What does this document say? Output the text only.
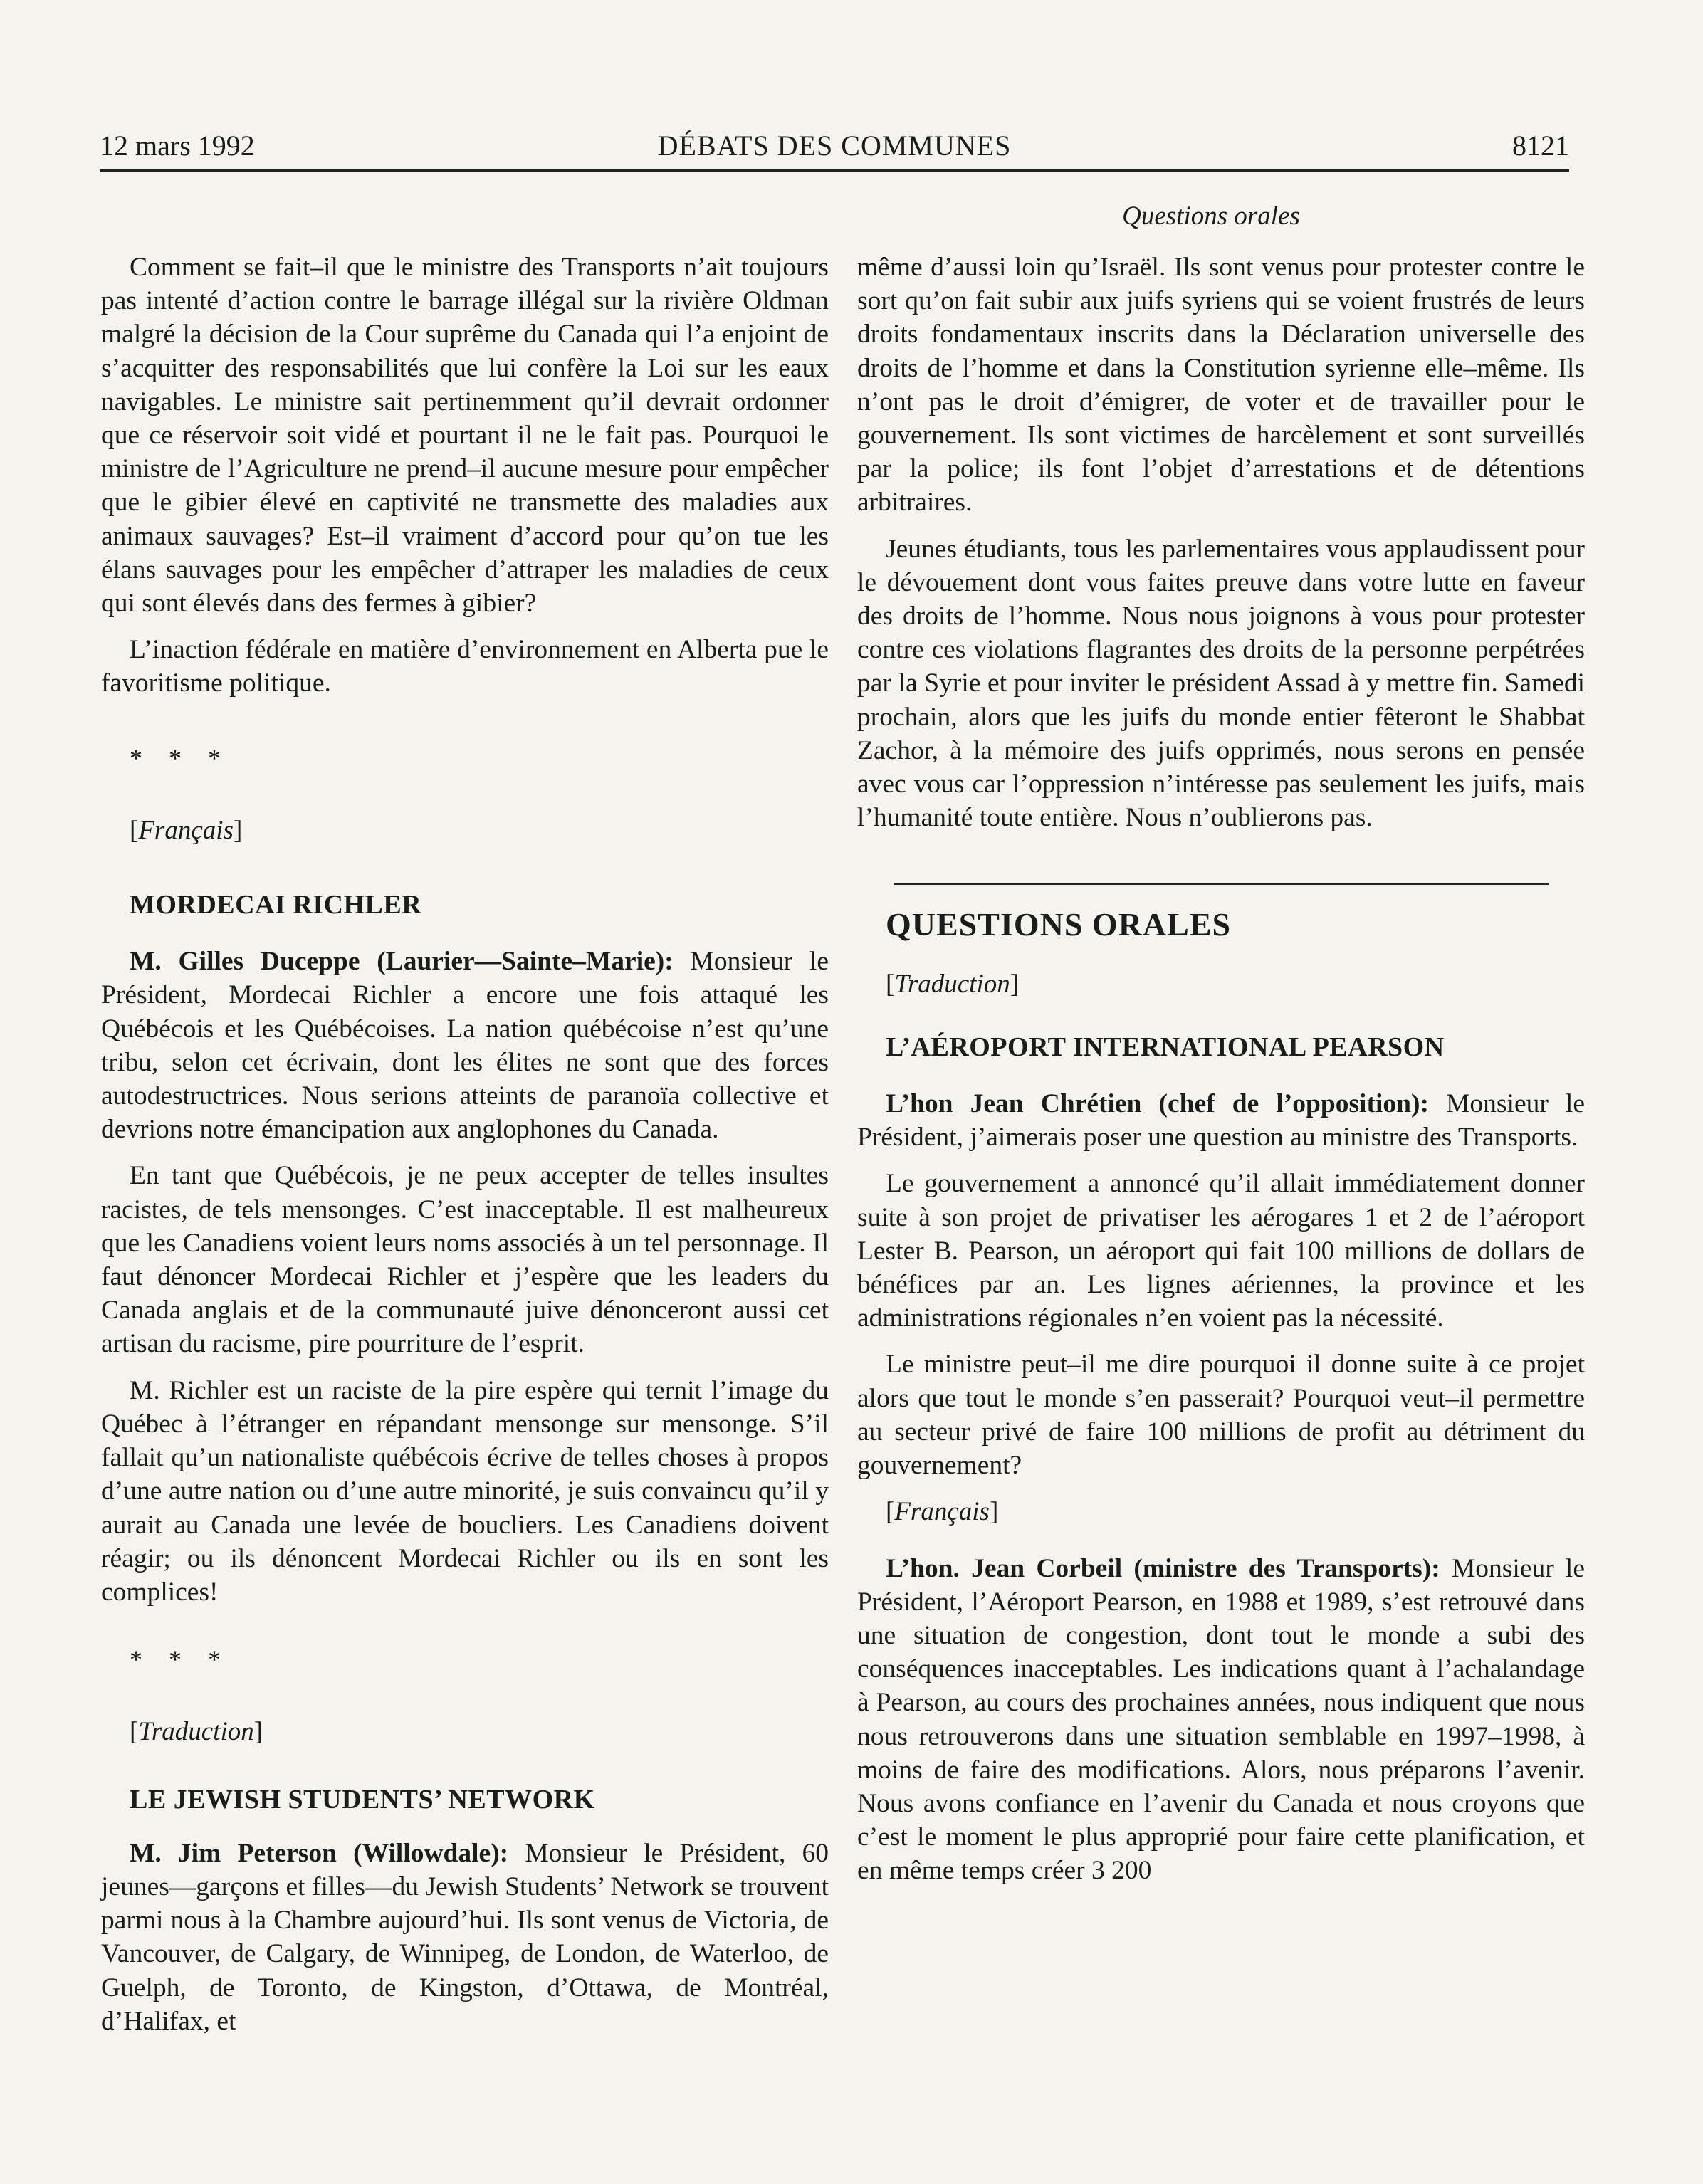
12 mars 1992	DÉBATS DES COMMUNES	8121
Questions orales

Comment se fait–il que le ministre des Transports n’ait toujours pas intenté d’action contre le barrage illégal sur la rivière Oldman malgré la décision de la Cour suprême du Canada qui l’a enjoint de s’acquitter des responsabilités que lui confère la Loi sur les eaux navigables. Le ministre sait pertinemment qu’il devrait ordonner que ce réservoir soit vidé et pourtant il ne le fait pas. Pourquoi le ministre de l’Agriculture ne prend–il aucune mesure pour empêcher que le gibier élevé en captivité ne transmette des maladies aux animaux sauvages? Est–il vraiment d’accord pour qu’on tue les élans sauvages pour les empêcher d’attraper les maladies de ceux qui sont élevés dans des fermes à gibier?

L’inaction fédérale en matière d’environnement en Alberta pue le favoritisme politique.

* * *

[Français]

MORDECAI RICHLER

M. Gilles Duceppe (Laurier—Sainte–Marie): Monsieur le Président, Mordecai Richler a encore une fois attaqué les Québécois et les Québécoises. La nation québécoise n’est qu’une tribu, selon cet écrivain, dont les élites ne sont que des forces autodestructrices. Nous serions atteints de paranoïa collective et devrions notre émancipation aux anglophones du Canada.

En tant que Québécois, je ne peux accepter de telles insultes racistes, de tels mensonges. C’est inacceptable. Il est malheureux que les Canadiens voient leurs noms associés à un tel personnage. Il faut dénoncer Mordecai Richler et j’espère que les leaders du Canada anglais et de la communauté juive dénonceront aussi cet artisan du racisme, pire pourriture de l’esprit.

M. Richler est un raciste de la pire espère qui ternit l’image du Québec à l’étranger en répandant mensonge sur mensonge. S’il fallait qu’un nationaliste québécois écrive de telles choses à propos d’une autre nation ou d’une autre minorité, je suis convaincu qu’il y aurait au Canada une levée de boucliers. Les Canadiens doivent réagir; ou ils dénoncent Mordecai Richler ou ils en sont les complices!

* * *

[Traduction]

LE JEWISH STUDENTS’ NETWORK

M. Jim Peterson (Willowdale): Monsieur le Président, 60 jeunes—garçons et filles—du Jewish Students’ Network se trouvent parmi nous à la Chambre aujourd’hui. Ils sont venus de Victoria, de Vancouver, de Calgary, de Winnipeg, de London, de Waterloo, de Guelph, de Toronto, de Kingston, d’Ottawa, de Montréal, d’Halifax, et

même d’aussi loin qu’Israël. Ils sont venus pour protester contre le sort qu’on fait subir aux juifs syriens qui se voient frustrés de leurs droits fondamentaux inscrits dans la Déclaration universelle des droits de l’homme et dans la Constitution syrienne elle–même. Ils n’ont pas le droit d’émigrer, de voter et de travailler pour le gouvernement. Ils sont victimes de harcèlement et sont surveillés par la police; ils font l’objet d’arrestations et de détentions arbitraires.

Jeunes étudiants, tous les parlementaires vous applaudissent pour le dévouement dont vous faites preuve dans votre lutte en faveur des droits de l’homme. Nous nous joignons à vous pour protester contre ces violations flagrantes des droits de la personne perpétrées par la Syrie et pour inviter le président Assad à y mettre fin. Samedi prochain, alors que les juifs du monde entier fêteront le Shabbat Zachor, à la mémoire des juifs opprimés, nous serons en pensée avec vous car l’oppression n’intéresse pas seulement les juifs, mais l’humanité toute entière. Nous n’oublierons pas.

QUESTIONS ORALES

[Traduction]

L’AÉROPORT INTERNATIONAL PEARSON

L’hon Jean Chrétien (chef de l’opposition): Monsieur le Président, j’aimerais poser une question au ministre des Transports.

Le gouvernement a annoncé qu’il allait immédiatement donner suite à son projet de privatiser les aérogares 1 et 2 de l’aéroport Lester B. Pearson, un aéroport qui fait 100 millions de dollars de bénéfices par an. Les lignes aériennes, la province et les administrations régionales n’en voient pas la nécessité.

Le ministre peut–il me dire pourquoi il donne suite à ce projet alors que tout le monde s’en passerait? Pourquoi veut–il permettre au secteur privé de faire 100 millions de profit au détriment du gouvernement?

[Français]

L’hon. Jean Corbeil (ministre des Transports): Monsieur le Président, l’Aéroport Pearson, en 1988 et 1989, s’est retrouvé dans une situation de congestion, dont tout le monde a subi des conséquences inacceptables. Les indications quant à l’achalandage à Pearson, au cours des prochaines années, nous indiquent que nous nous retrouverons dans une situation semblable en 1997–1998, à moins de faire des modifications. Alors, nous préparons l’avenir. Nous avons confiance en l’avenir du Canada et nous croyons que c’est le moment le plus approprié pour faire cette planification, et en même temps créer 3 200
